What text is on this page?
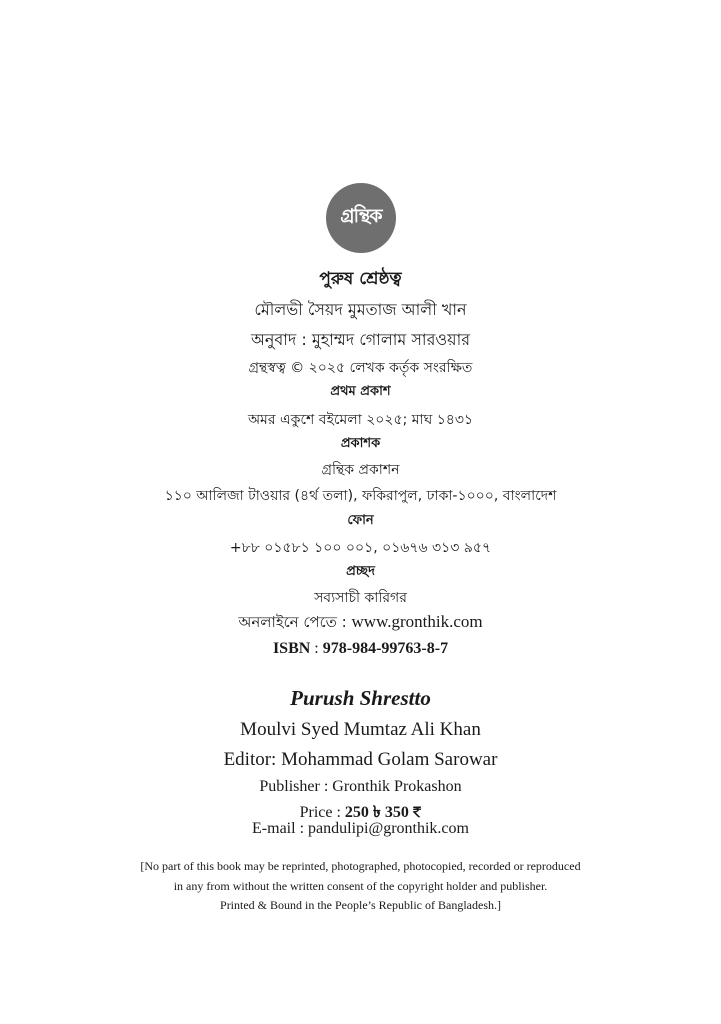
গ্রন্থিক
পুরুষ শ্রেষ্ঠত্ব
মৌলভী সৈয়দ মুমতাজ আলী খান
অনুবাদ : মুহাম্মদ গোলাম সারওয়ার
গ্রন্থস্বত্ব © ২০২৫ লেখক কর্তৃক সংরক্ষিত
প্রথম প্রকাশ
অমর একুশে বইমেলা ২০২৫; মাঘ ১৪৩১
প্রকাশক
গ্রন্থিক প্রকাশন
১১০ আলিজা টাওয়ার (৪র্থ তলা), ফকিরাপুল, ঢাকা-১০০০, বাংলাদেশ
ফোন
+৮৮ ০১৫৮১ ১০০ ০০১, ০১৬৭৬ ৩১৩ ৯৫৭
প্রচ্ছদ
সব্যসাচী কারিগর
অনলাইনে পেতে : www.gronthik.com
ISBN : 978-984-99763-8-7
Purush Shrestto
Moulvi Syed Mumtaz Ali Khan
Editor: Mohammad Golam Sarowar
Publisher : Gronthik Prokashon
Price : 250 ৳ 350 ₹
E-mail : pandulipi@gronthik.com
[No part of this book may be reprinted, photographed, photocopied, recorded or reproduced
in any from without the written consent of the copyright holder and publisher.
Printed & Bound in the People’s Republic of Bangladesh.]
